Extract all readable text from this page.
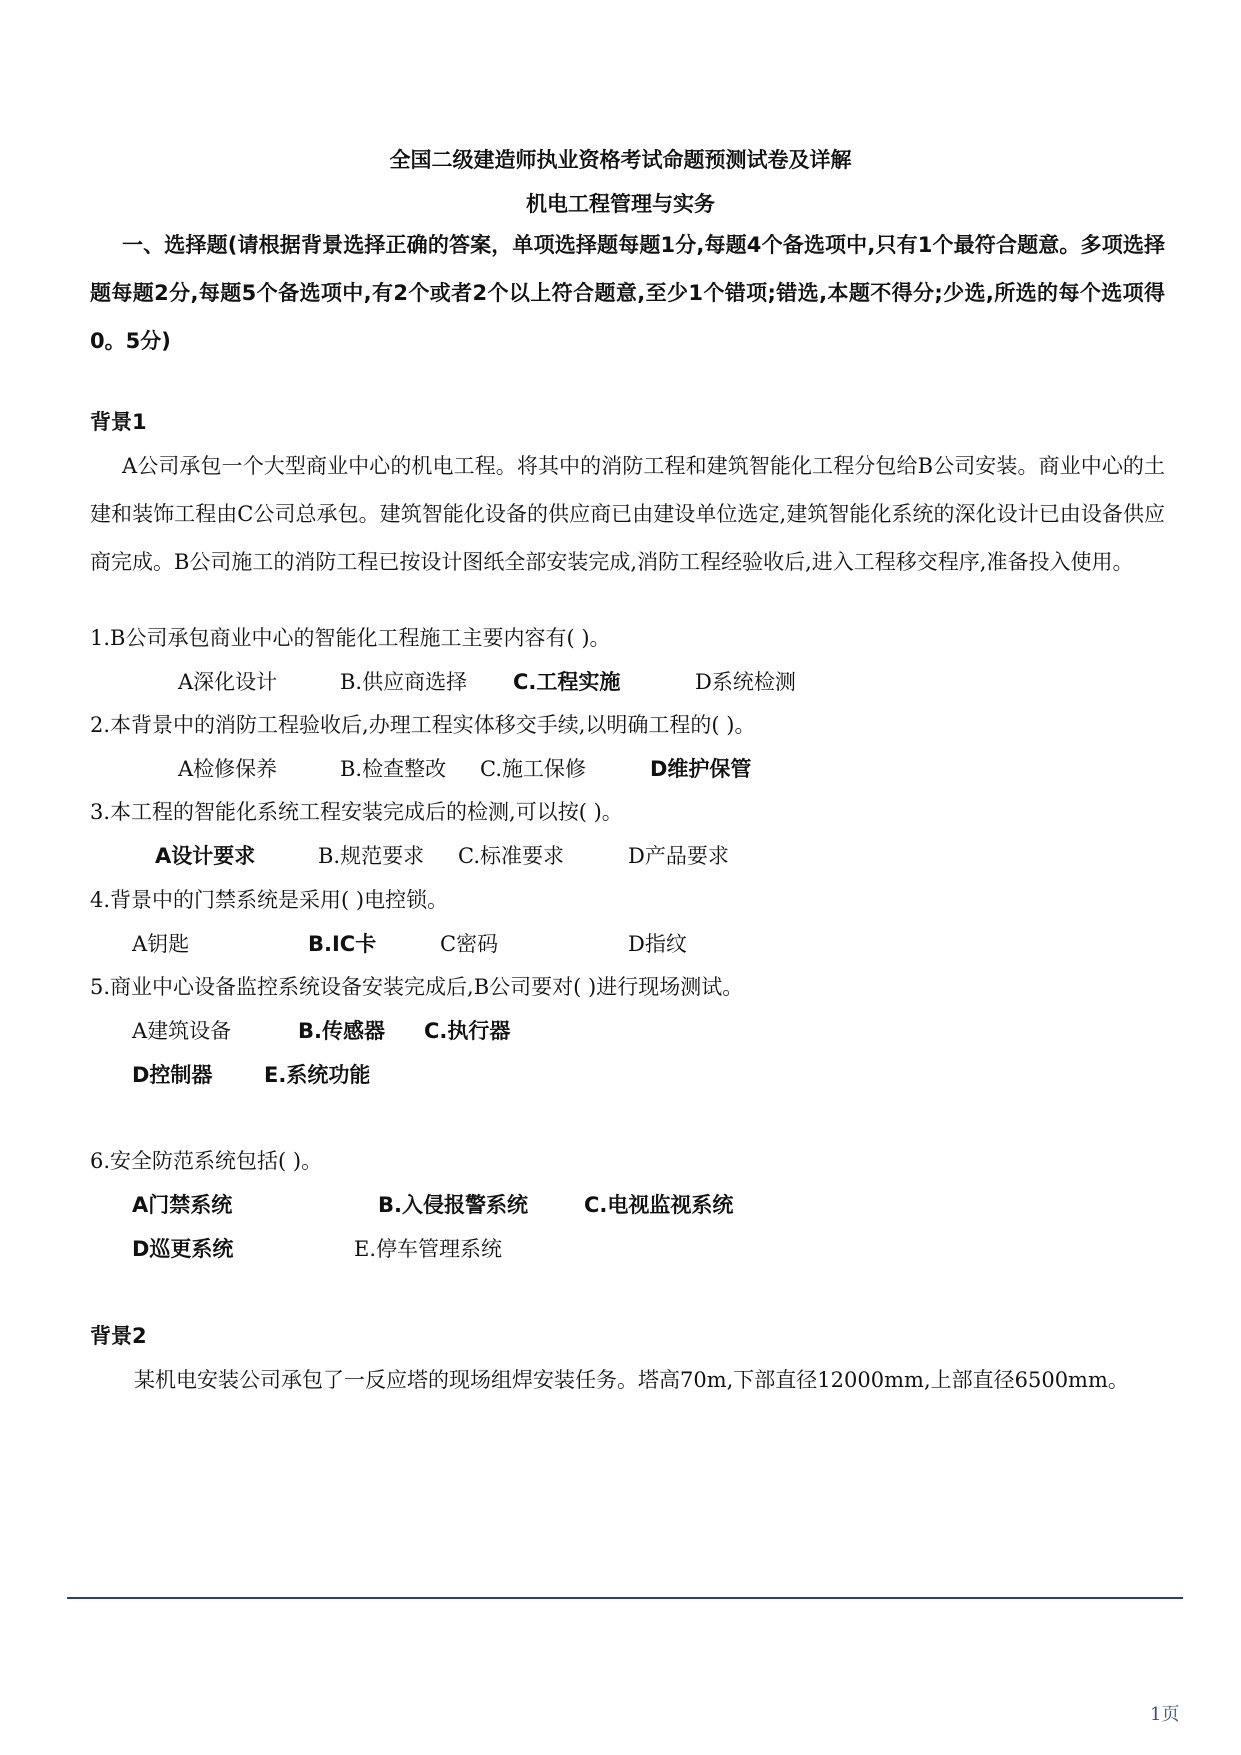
全国二级建造师执业资格考试命题预测试卷及详解
机电工程管理与实务
一、选择题(请根据背景选择正确的答案，单项选择题每题1分,每题4个备选项中,只有1个最符合题意。多项选择题每题2分,每题5个备选项中,有2个或者2个以上符合题意,至少1个错项;错选,本题不得分;少选,所选的每个选项得0。5分)
背景1
A公司承包一个大型商业中心的机电工程。将其中的消防工程和建筑智能化工程分包给B公司安装。商业中心的土建和装饰工程由C公司总承包。建筑智能化设备的供应商已由建设单位选定,建筑智能化系统的深化设计已由设备供应商完成。B公司施工的消防工程已按设计图纸全部安装完成,消防工程经验收后,进入工程移交程序,准备投入使用。
1.B公司承包商业中心的智能化工程施工主要内容有( )。
A深化设计	B.供应商选择 C.工程实施	D系统检测
2.本背景中的消防工程验收后,办理工程实体移交手续,以明确工程的( )。
A检修保养	B.检查整改 C.施工保修	D维护保管
3.本工程的智能化系统工程安装完成后的检测,可以按( )。
A设计要求	B.规范要求 C.标准要求	D产品要求
4.背景中的门禁系统是采用( )电控锁。
A钥匙	B.IC卡	C密码	D指纹
5.商业中心设备监控系统设备安装完成后,B公司要对( )进行现场测试。
A建筑设备	B.传感器 C.执行器
D控制器 E.系统功能
6.安全防范系统包括( )。
A门禁系统	B.入侵报警系统	C.电视监视系统
D巡更系统	E.停车管理系统
背景2
某机电安装公司承包了一反应塔的现场组焊安装任务。塔高70m,下部直径12000mm,上部直径6500mm。
1页
